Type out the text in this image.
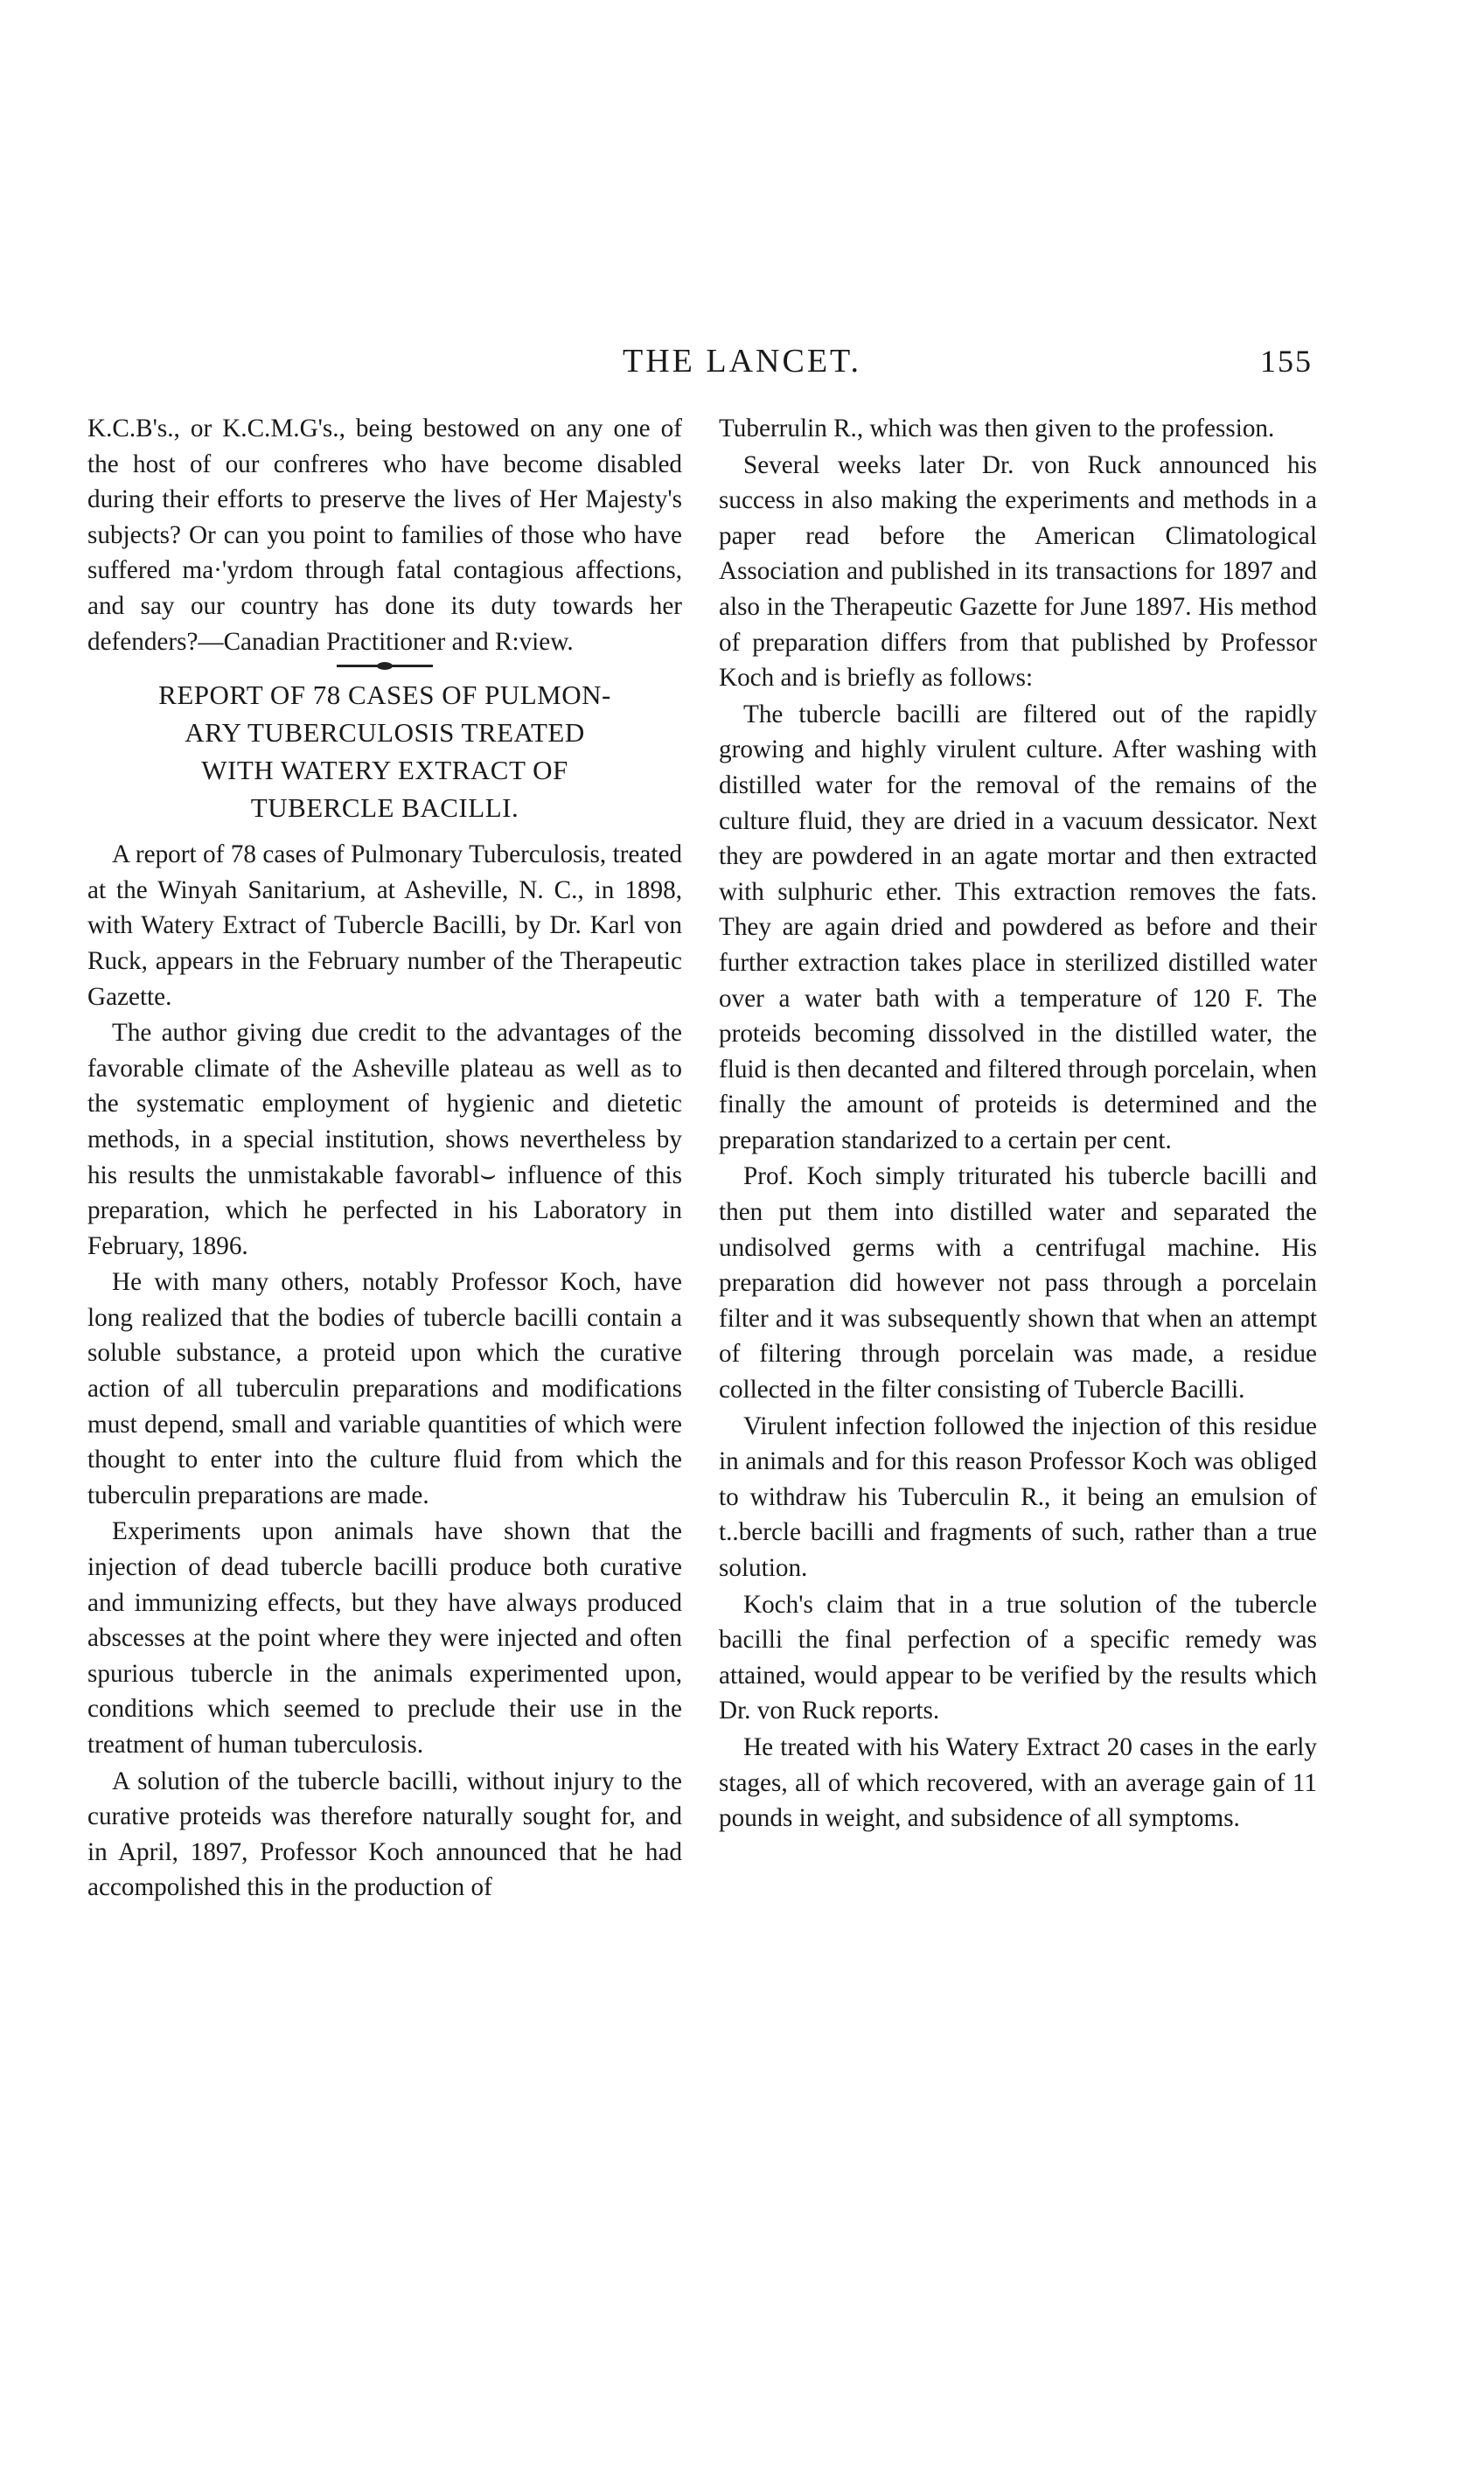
THE LANCET.	155

K.C.B's., or K.C.M.G's., being bestowed on any one of the host of our confreres who have become disabled during their efforts to preserve the lives of Her Majesty's subjects? Or can you point to families of those who have suffered ma·'yrdom through fatal contagious affections, and say our country has done its duty towards her defenders?—Canadian Practitioner and R:view.

REPORT OF 78 CASES OF PULMON-
ARY TUBERCULOSIS TREATED
WITH WATERY EXTRACT OF
TUBERCLE BACILLI.

A report of 78 cases of Pulmonary Tuberculosis, treated at the Winyah Sanitarium, at Asheville, N. C., in 1898, with Watery Extract of Tubercle Bacilli, by Dr. Karl von Ruck, appears in the February number of the Therapeutic Gazette.

The author giving due credit to the advantages of the favorable climate of the Asheville plateau as well as to the systematic employment of hygienic and dietetic methods, in a special institution, shows nevertheless by his results the unmistakable favorabl⌣ influence of this preparation, which he perfected in his Laboratory in February, 1896.

He with many others, notably Professor Koch, have long realized that the bodies of tubercle bacilli contain a soluble substance, a proteid upon which the curative action of all tuberculin preparations and modifications must depend, small and variable quantities of which were thought to enter into the culture fluid from which the tuberculin preparations are made.

Experiments upon animals have shown that the injection of dead tubercle bacilli produce both curative and immunizing effects, but they have always produced abscesses at the point where they were injected and often spurious tubercle in the animals experimented upon, conditions which seemed to preclude their use in the treatment of human tuberculosis.

A solution of the tubercle bacilli, without injury to the curative proteids was therefore naturally sought for, and in April, 1897, Professor Koch announced that he had accompolished this in the production of

Tuberrulin R., which was then given to the profession.

Several weeks later Dr. von Ruck announced his success in also making the experiments and methods in a paper read before the American Climatological Association and published in its transactions for 1897 and also in the Therapeutic Gazette for June 1897. His method of preparation differs from that published by Professor Koch and is briefly as follows:

The tubercle bacilli are filtered out of the rapidly growing and highly virulent culture. After washing with distilled water for the removal of the remains of the culture fluid, they are dried in a vacuum dessicator. Next they are powdered in an agate mortar and then extracted with sulphuric ether. This extraction removes the fats. They are again dried and powdered as before and their further extraction takes place in sterilized distilled water over a water bath with a temperature of 120 F. The proteids becoming dissolved in the distilled water, the fluid is then decanted and filtered through porcelain, when finally the amount of proteids is determined and the preparation standarized to a certain per cent.

Prof. Koch simply triturated his tubercle bacilli and then put them into distilled water and separated the undisolved germs with a centrifugal machine. His preparation did however not pass through a porcelain filter and it was subsequently shown that when an attempt of filtering through porcelain was made, a residue collected in the filter consisting of Tubercle Bacilli.

Virulent infection followed the injection of this residue in animals and for this reason Professor Koch was obliged to withdraw his Tuberculin R., it being an emulsion of t..bercle bacilli and fragments of such, rather than a true solution.

Koch's claim that in a true solution of the tubercle bacilli the final perfection of a specific remedy was attained, would appear to be verified by the results which Dr. von Ruck reports.

He treated with his Watery Extract 20 cases in the early stages, all of which recovered, with an average gain of 11 pounds in weight, and subsidence of all symptoms.
